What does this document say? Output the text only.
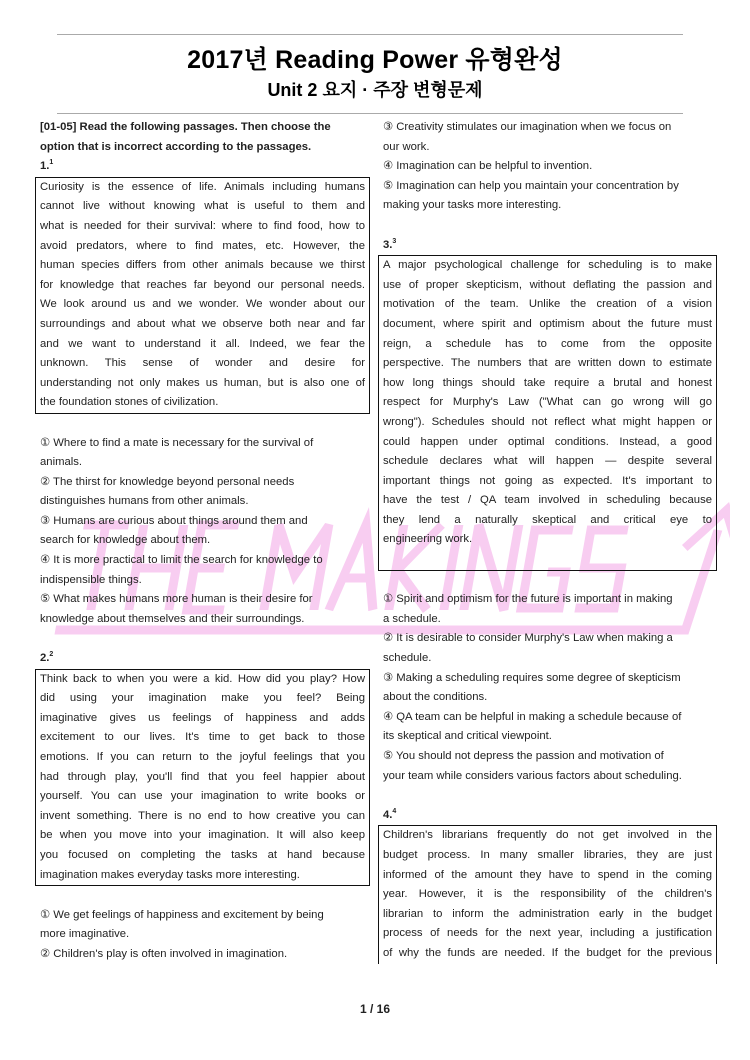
2017년 Reading Power 유형완성
Unit 2 요지 · 주장 변형문제
[01-05] Read the following passages. Then choose the
option that is incorrect according to the passages.
1.$^1$
Curiosity is the essence of life. Animals including humans
cannot live without knowing what is useful to them and
what is needed for their survival: where to find food, how to
avoid predators, where to find mates, etc. However, the
human species differs from other animals because we thirst
for knowledge that reaches far beyond our personal needs.
We look around us and we wonder. We wonder about our
surroundings and about what we observe both near and far
and we want to understand it all. Indeed, we fear the
unknown. This sense of wonder and desire for
understanding not only makes us human, but is also one of
the foundation stones of civilization.
① Where to find a mate is necessary for the survival of
animals.
② The thirst for knowledge beyond personal needs
distinguishes humans from other animals.
③ Humans are curious about things around them and
search for knowledge about them.
④ It is more practical to limit the search for knowledge to
indispensible things.
⑤ What makes humans more human is their desire for
knowledge about themselves and their surroundings.
2.$^2$
Think back to when you were a kid. How did you play? How
did using your imagination make you feel? Being
imaginative gives us feelings of happiness and adds
excitement to our lives. It's time to get back to those
emotions. If you can return to the joyful feelings that you
had through play, you'll find that you feel happier about
yourself. You can use your imagination to write books or
invent something. There is no end to how creative you can
be when you move into your imagination. It will also keep
you focused on completing the tasks at hand because
imagination makes everyday tasks more interesting.
① We get feelings of happiness and excitement by being
more imaginative.
② Children's play is often involved in imagination.
③ Creativity stimulates our imagination when we focus on
our work.
④ Imagination can be helpful to invention.
⑤ Imagination can help you maintain your concentration by
making your tasks more interesting.
3.$^3$
A major psychological challenge for scheduling is to make
use of proper skepticism, without deflating the passion and
motivation of the team. Unlike the creation of a vision
document, where spirit and optimism about the future must
reign, a schedule has to come from the opposite
perspective. The numbers that are written down to estimate
how long things should take require a brutal and honest
respect for Murphy's Law ("What can go wrong will go
wrong"). Schedules should not reflect what might happen or
could happen under optimal conditions. Instead, a good
schedule declares what will happen — despite several
important things not going as expected. It's important to
have the test / QA team involved in scheduling because
they lend a naturally skeptical and critical eye to
engineering work.
① Spirit and optimism for the future is important in making
a schedule.
② It is desirable to consider Murphy's Law when making a
schedule.
③ Making a scheduling requires some degree of skepticism
about the conditions.
④ QA team can be helpful in making a schedule because of
its skeptical and critical viewpoint.
⑤ You should not depress the passion and motivation of
your team while considers various factors about scheduling.
4.$^4$
Children's librarians frequently do not get involved in the
budget process. In many smaller libraries, they are just
informed of the amount they have to spend in the coming
year. However, it is the responsibility of the children's
librarian to inform the administration early in the budget
process of needs for the next year, including a justification
of why the funds are needed. If the budget for the previous
1 / 16
